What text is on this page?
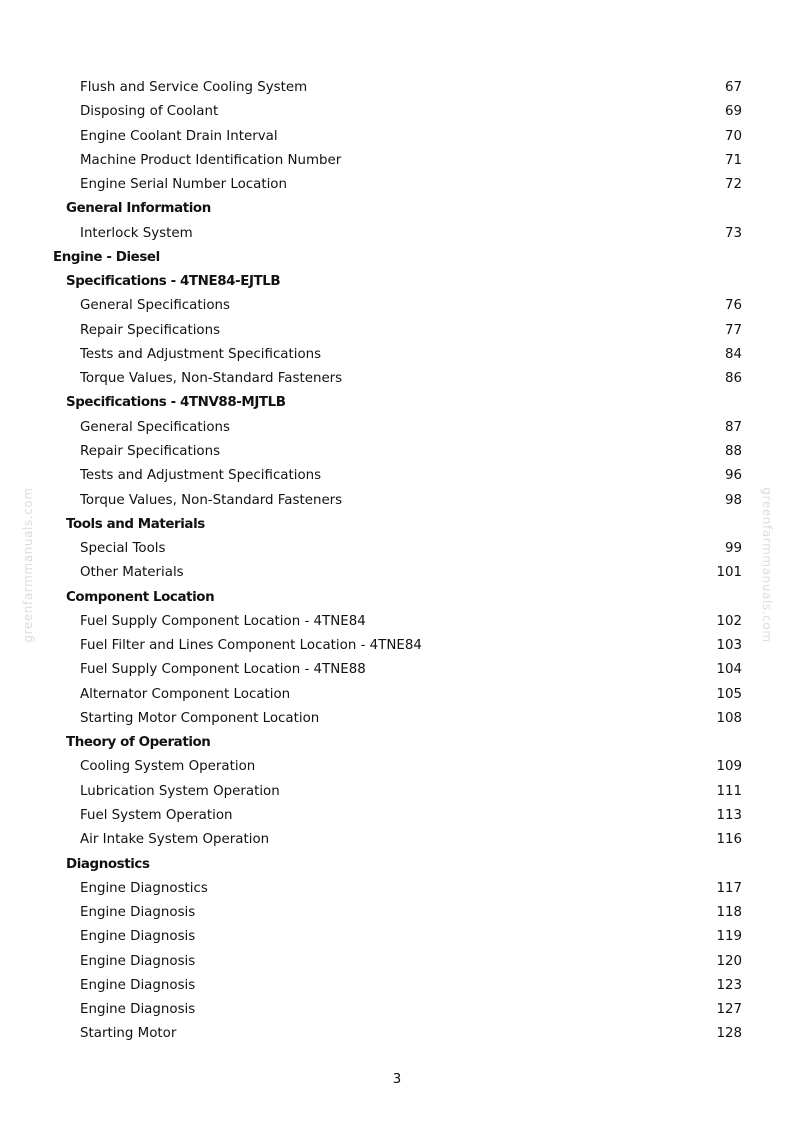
greenfarmmanuals.com	greenfarmmanuals.com
Flush and Service Cooling System	67
Disposing of Coolant	69
Engine Coolant Drain Interval	70
Machine Product Identification Number	71
Engine Serial Number Location	72
General Information
Interlock System	73
Engine - Diesel
Specifications - 4TNE84-EJTLB
General Specifications	76
Repair Specifications	77
Tests and Adjustment Specifications	84
Torque Values, Non-Standard Fasteners	86
Specifications - 4TNV88-MJTLB
General Specifications	87
Repair Specifications	88
Tests and Adjustment Specifications	96
Torque Values, Non-Standard Fasteners	98
Tools and Materials
Special Tools	99
Other Materials	101
Component Location
Fuel Supply Component Location - 4TNE84	102
Fuel Filter and Lines Component Location - 4TNE84	103
Fuel Supply Component Location - 4TNE88	104
Alternator Component Location	105
Starting Motor Component Location	108
Theory of Operation
Cooling System Operation	109
Lubrication System Operation	111
Fuel System Operation	113
Air Intake System Operation	116
Diagnostics
Engine Diagnostics	117
Engine Diagnosis	118
Engine Diagnosis	119
Engine Diagnosis	120
Engine Diagnosis	123
Engine Diagnosis	127
Starting Motor	128
3
